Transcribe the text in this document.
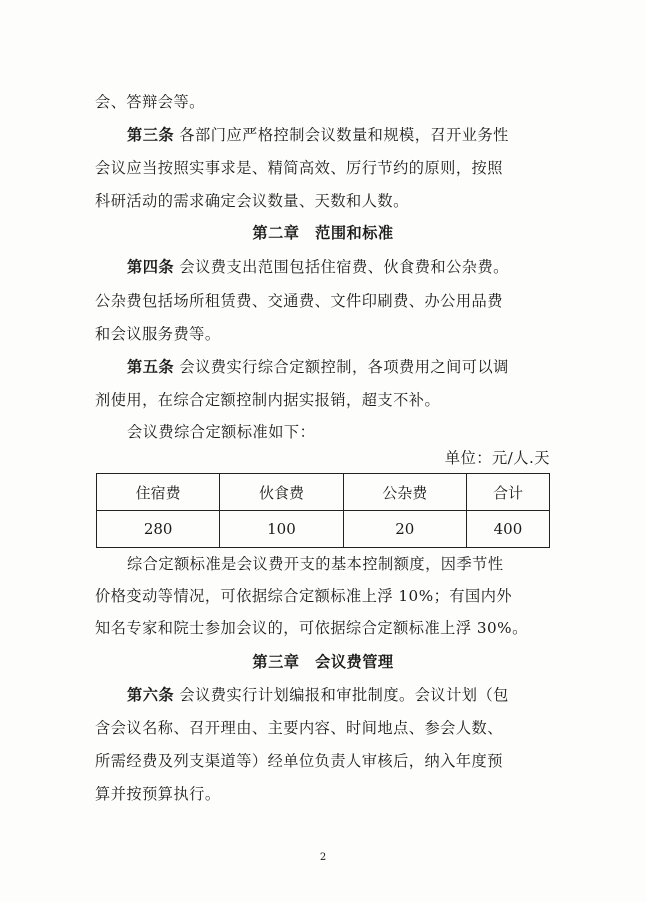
会、答辩会等。
第三条 各部门应严格控制会议数量和规模，召开业务性
会议应当按照实事求是、精简高效、厉行节约的原则，按照
科研活动的需求确定会议数量、天数和人数。
第二章　范围和标准
第四条 会议费支出范围包括住宿费、伙食费和公杂费。
公杂费包括场所租赁费、交通费、文件印刷费、办公用品费
和会议服务费等。
第五条 会议费实行综合定额控制，各项费用之间可以调
剂使用，在综合定额控制内据实报销，超支不补。
会议费综合定额标准如下：
单位：元/人.天
住宿费	伙食费	公杂费	合计
280	100	20	400
综合定额标准是会议费开支的基本控制额度，因季节性
价格变动等情况，可依据综合定额标准上浮 10%；有国内外
知名专家和院士参加会议的，可依据综合定额标准上浮 30%。
第三章　会议费管理
第六条 会议费实行计划编报和审批制度。会议计划（包
含会议名称、召开理由、主要内容、时间地点、参会人数、
所需经费及列支渠道等）经单位负责人审核后，纳入年度预
算并按预算执行。
2
